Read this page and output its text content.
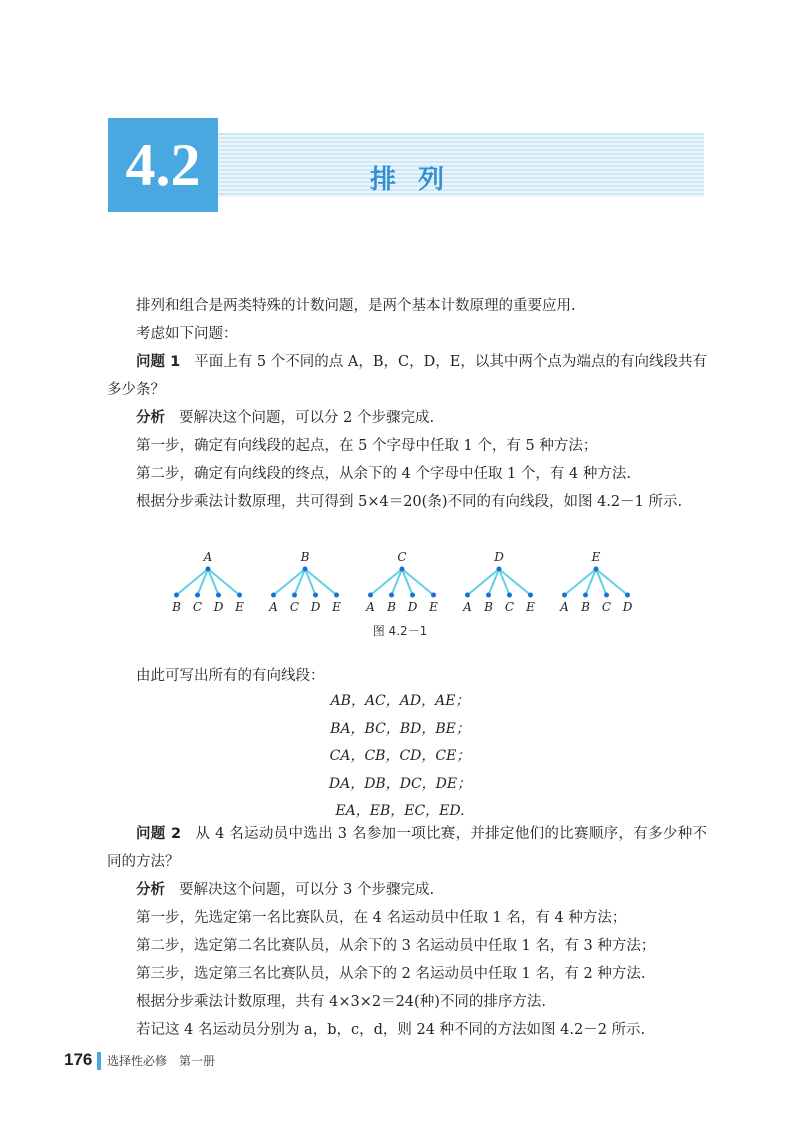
排列
4.2

排列和组合是两类特殊的计数问题，是两个基本计数原理的重要应用.

考虑如下问题：

问题 1 平面上有 5 个不同的点 A，B，C，D，E，以其中两个点为端点的有向线段共有多少条？

分析 要解决这个问题，可以分 2 个步骤完成.

第一步，确定有向线段的起点，在 5 个字母中任取 1 个，有 5 种方法；

第二步，确定有向线段的终点，从余下的 4 个字母中任取 1 个，有 4 种方法.

根据分步乘法计数原理，共可得到 5×4＝20(条)不同的有向线段，如图 4.2－1 所示.

A
B C D E
B
A C D E
C
A B D E
D
A B C E
E
A B C D
图 4.2－1

由此可写出所有的有向线段：

AB，AC，AD，AE；
BA，BC，BD，BE；
CA，CB，CD，CE；
DA，DB，DC，DE；
EA，EB，EC，ED.

问题 2 从 4 名运动员中选出 3 名参加一项比赛，并排定他们的比赛顺序，有多少种不同的方法？

分析 要解决这个问题，可以分 3 个步骤完成.

第一步，先选定第一名比赛队员，在 4 名运动员中任取 1 名，有 4 种方法；

第二步，选定第二名比赛队员，从余下的 3 名运动员中任取 1 名，有 3 种方法；

第三步，选定第三名比赛队员，从余下的 2 名运动员中任取 1 名，有 2 种方法.

根据分步乘法计数原理，共有 4×3×2＝24(种)不同的排序方法.

若记这 4 名运动员分别为 a，b，c，d，则 24 种不同的方法如图 4.2－2 所示.

176 选择性必修　第一册
